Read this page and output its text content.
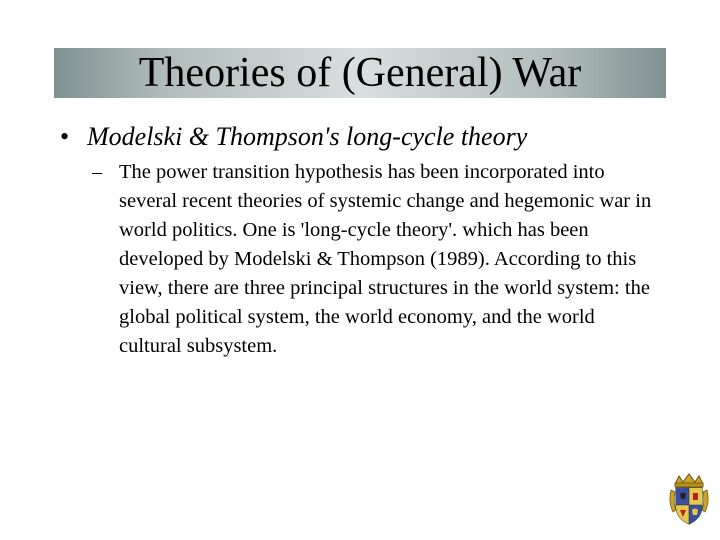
Theories of (General) War
• Modelski & Thompson's long-cycle theory
– The power transition hypothesis has been incorporated into several recent theories of systemic change and hegemonic war in world politics. One is 'long-cycle theory'. which has been developed by Modelski & Thompson (1989). According to this view, there are three principal structures in the world system: the global political system, the world economy, and the world cultural subsystem.
